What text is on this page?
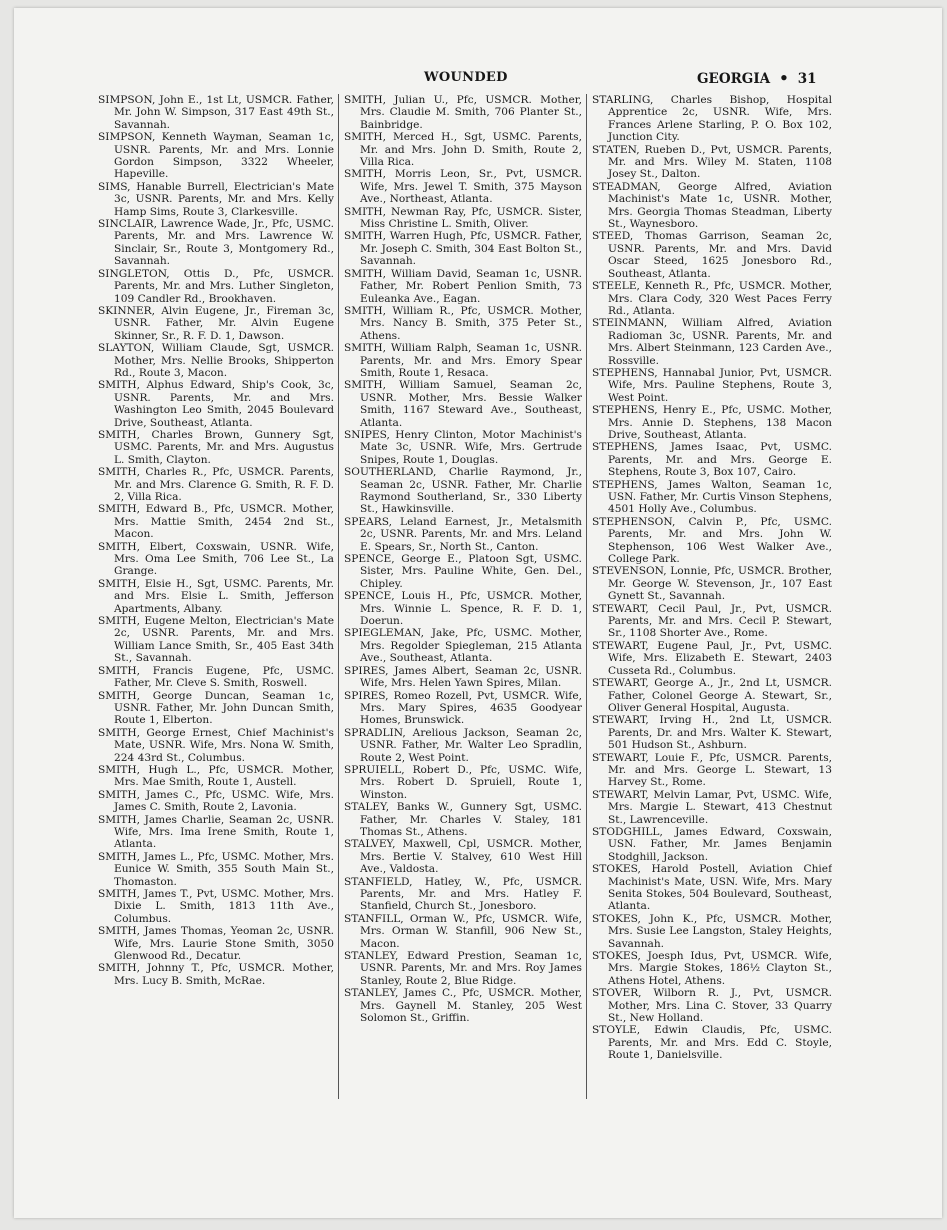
WOUNDED	GEORGIA • 31

SIMPSON, John E., 1st Lt, USMCR. Father, Mr. John W. Simpson, 317 East 49th St., Savannah.

SIMPSON, Kenneth Wayman, Seaman 1c, USNR. Parents, Mr. and Mrs. Lonnie Gordon Simpson, 3322 Wheeler, Hapeville.

SIMS, Hanable Burrell, Electrician's Mate 3c, USNR. Parents, Mr. and Mrs. Kelly Hamp Sims, Route 3, Clarkesville.

SINCLAIR, Lawrence Wade, Jr., Pfc, USMC. Parents, Mr. and Mrs. Lawrence W. Sinclair, Sr., Route 3, Montgomery Rd., Savannah.

SINGLETON, Ottis D., Pfc, USMCR. Parents, Mr. and Mrs. Luther Singleton, 109 Candler Rd., Brookhaven.

SKINNER, Alvin Eugene, Jr., Fireman 3c, USNR. Father, Mr. Alvin Eugene Skinner, Sr., R. F. D. 1, Dawson.

SLAYTON, William Claude, Sgt, USMCR. Mother, Mrs. Nellie Brooks, Shipperton Rd., Route 3, Macon.

SMITH, Alphus Edward, Ship's Cook, 3c, USNR. Parents, Mr. and Mrs. Washington Leo Smith, 2045 Boulevard Drive, Southeast, Atlanta.

SMITH, Charles Brown, Gunnery Sgt, USMC. Parents, Mr. and Mrs. Augustus L. Smith, Clayton.

SMITH, Charles R., Pfc, USMCR. Parents, Mr. and Mrs. Clarence G. Smith, R. F. D. 2, Villa Rica.

SMITH, Edward B., Pfc, USMCR. Mother, Mrs. Mattie Smith, 2454 2nd St., Macon.

SMITH, Elbert, Coxswain, USNR. Wife, Mrs. Oma Lee Smith, 706 Lee St., La Grange.

SMITH, Elsie H., Sgt, USMC. Parents, Mr. and Mrs. Elsie L. Smith, Jefferson Apartments, Albany.

SMITH, Eugene Melton, Electrician's Mate 2c, USNR. Parents, Mr. and Mrs. William Lance Smith, Sr., 405 East 34th St., Savannah.

SMITH, Francis Eugene, Pfc, USMC. Father, Mr. Cleve S. Smith, Roswell.

SMITH, George Duncan, Seaman 1c, USNR. Father, Mr. John Duncan Smith, Route 1, Elberton.

SMITH, George Ernest, Chief Machinist's Mate, USNR. Wife, Mrs. Nona W. Smith, 224 43rd St., Columbus.

SMITH, Hugh L., Pfc, USMCR. Mother, Mrs. Mae Smith, Route 1, Austell.

SMITH, James C., Pfc, USMC. Wife, Mrs. James C. Smith, Route 2, Lavonia.

SMITH, James Charlie, Seaman 2c, USNR. Wife, Mrs. Ima Irene Smith, Route 1, Atlanta.

SMITH, James L., Pfc, USMC. Mother, Mrs. Eunice W. Smith, 355 South Main St., Thomaston.

SMITH, James T., Pvt, USMC. Mother, Mrs. Dixie L. Smith, 1813 11th Ave., Columbus.

SMITH, James Thomas, Yeoman 2c, USNR. Wife, Mrs. Laurie Stone Smith, 3050 Glenwood Rd., Decatur.

SMITH, Johnny T., Pfc, USMCR. Mother, Mrs. Lucy B. Smith, McRae.

SMITH, Julian U., Pfc, USMCR. Mother, Mrs. Claudie M. Smith, 706 Planter St., Bainbridge.

SMITH, Merced H., Sgt, USMC. Parents, Mr. and Mrs. John D. Smith, Route 2, Villa Rica.

SMITH, Morris Leon, Sr., Pvt, USMCR. Wife, Mrs. Jewel T. Smith, 375 Mayson Ave., Northeast, Atlanta.

SMITH, Newman Ray, Pfc, USMCR. Sister, Miss Christine L. Smith, Oliver.

SMITH, Warren Hugh, Pfc, USMCR. Father, Mr. Joseph C. Smith, 304 East Bolton St., Savannah.

SMITH, William David, Seaman 1c, USNR. Father, Mr. Robert Penlion Smith, 73 Euleanka Ave., Eagan.

SMITH, William R., Pfc, USMCR. Mother, Mrs. Nancy B. Smith, 375 Peter St., Athens.

SMITH, William Ralph, Seaman 1c, USNR. Parents, Mr. and Mrs. Emory Spear Smith, Route 1, Resaca.

SMITH, William Samuel, Seaman 2c, USNR. Mother, Mrs. Bessie Walker Smith, 1167 Steward Ave., Southeast, Atlanta.

SNIPES, Henry Clinton, Motor Machinist's Mate 3c, USNR. Wife, Mrs. Gertrude Snipes, Route 1, Douglas.

SOUTHERLAND, Charlie Raymond, Jr., Seaman 2c, USNR. Father, Mr. Charlie Raymond Southerland, Sr., 330 Liberty St., Hawkinsville.

SPEARS, Leland Earnest, Jr., Metalsmith 2c, USNR. Parents, Mr. and Mrs. Leland E. Spears, Sr., North St., Canton.

SPENCE, George E., Platoon Sgt, USMC. Sister, Mrs. Pauline White, Gen. Del., Chipley.

SPENCE, Louis H., Pfc, USMCR. Mother, Mrs. Winnie L. Spence, R. F. D. 1, Doerun.

SPIEGLEMAN, Jake, Pfc, USMC. Mother, Mrs. Regolder Spiegleman, 215 Atlanta Ave., Southeast, Atlanta.

SPIRES, James Albert, Seaman 2c, USNR. Wife, Mrs. Helen Yawn Spires, Milan.

SPIRES, Romeo Rozell, Pvt, USMCR. Wife, Mrs. Mary Spires, 4635 Goodyear Homes, Brunswick.

SPRADLIN, Arelious Jackson, Seaman 2c, USNR. Father, Mr. Walter Leo Spradlin, Route 2, West Point.

SPRUIELL, Robert D., Pfc, USMC. Wife, Mrs. Robert D. Spruiell, Route 1, Winston.

STALEY, Banks W., Gunnery Sgt, USMC. Father, Mr. Charles V. Staley, 181 Thomas St., Athens.

STALVEY, Maxwell, Cpl, USMCR. Mother, Mrs. Bertie V. Stalvey, 610 West Hill Ave., Valdosta.

STANFIELD, Hatley, W., Pfc, USMCR. Parents, Mr. and Mrs. Hatley F. Stanfield, Church St., Jonesboro.

STANFILL, Orman W., Pfc, USMCR. Wife, Mrs. Orman W. Stanfill, 906 New St., Macon.

STANLEY, Edward Prestion, Seaman 1c, USNR. Parents, Mr. and Mrs. Roy James Stanley, Route 2, Blue Ridge.

STANLEY, James C., Pfc, USMCR. Mother, Mrs. Gaynell M. Stanley, 205 West Solomon St., Griffin.

STARLING, Charles Bishop, Hospital Apprentice 2c, USNR. Wife, Mrs. Frances Arlene Starling, P. O. Box 102, Junction City.

STATEN, Rueben D., Pvt, USMCR. Parents, Mr. and Mrs. Wiley M. Staten, 1108 Josey St., Dalton.

STEADMAN, George Alfred, Aviation Machinist's Mate 1c, USNR. Mother, Mrs. Georgia Thomas Steadman, Liberty St., Waynesboro.

STEED, Thomas Garrison, Seaman 2c, USNR. Parents, Mr. and Mrs. David Oscar Steed, 1625 Jonesboro Rd., Southeast, Atlanta.

STEELE, Kenneth R., Pfc, USMCR. Mother, Mrs. Clara Cody, 320 West Paces Ferry Rd., Atlanta.

STEINMANN, William Alfred, Aviation Radioman 3c, USNR. Parents, Mr. and Mrs. Albert Steinmann, 123 Carden Ave., Rossville.

STEPHENS, Hannabal Junior, Pvt, USMCR. Wife, Mrs. Pauline Stephens, Route 3, West Point.

STEPHENS, Henry E., Pfc, USMC. Mother, Mrs. Annie D. Stephens, 138 Macon Drive, Southeast, Atlanta.

STEPHENS, James Isaac, Pvt, USMC. Parents, Mr. and Mrs. George E. Stephens, Route 3, Box 107, Cairo.

STEPHENS, James Walton, Seaman 1c, USN. Father, Mr. Curtis Vinson Stephens, 4501 Holly Ave., Columbus.

STEPHENSON, Calvin P., Pfc, USMC. Parents, Mr. and Mrs. John W. Stephenson, 106 West Walker Ave., College Park.

STEVENSON, Lonnie, Pfc, USMCR. Brother, Mr. George W. Stevenson, Jr., 107 East Gynett St., Savannah.

STEWART, Cecil Paul, Jr., Pvt, USMCR. Parents, Mr. and Mrs. Cecil P. Stewart, Sr., 1108 Shorter Ave., Rome.

STEWART, Eugene Paul, Jr., Pvt, USMC. Wife, Mrs. Elizabeth E. Stewart, 2403 Cusseta Rd., Columbus.

STEWART, George A., Jr., 2nd Lt, USMCR. Father, Colonel George A. Stewart, Sr., Oliver General Hospital, Augusta.

STEWART, Irving H., 2nd Lt, USMCR. Parents, Dr. and Mrs. Walter K. Stewart, 501 Hudson St., Ashburn.

STEWART, Louie F., Pfc, USMCR. Parents, Mr. and Mrs. George L. Stewart, 13 Harvey St., Rome.

STEWART, Melvin Lamar, Pvt, USMC. Wife, Mrs. Margie L. Stewart, 413 Chestnut St., Lawrenceville.

STODGHILL, James Edward, Coxswain, USN. Father, Mr. James Benjamin Stodghill, Jackson.

STOKES, Harold Postell, Aviation Chief Machinist's Mate, USN. Wife, Mrs. Mary Senita Stokes, 504 Boulevard, Southeast, Atlanta.

STOKES, John K., Pfc, USMCR. Mother, Mrs. Susie Lee Langston, Staley Heights, Savannah.

STOKES, Joesph Idus, Pvt, USMCR. Wife, Mrs. Margie Stokes, 186½ Clayton St., Athens Hotel, Athens.

STOVER, Wilborn R. J., Pvt, USMCR. Mother, Mrs. Lina C. Stover, 33 Quarry St., New Holland.

STOYLE, Edwin Claudis, Pfc, USMC. Parents, Mr. and Mrs. Edd C. Stoyle, Route 1, Danielsville.
